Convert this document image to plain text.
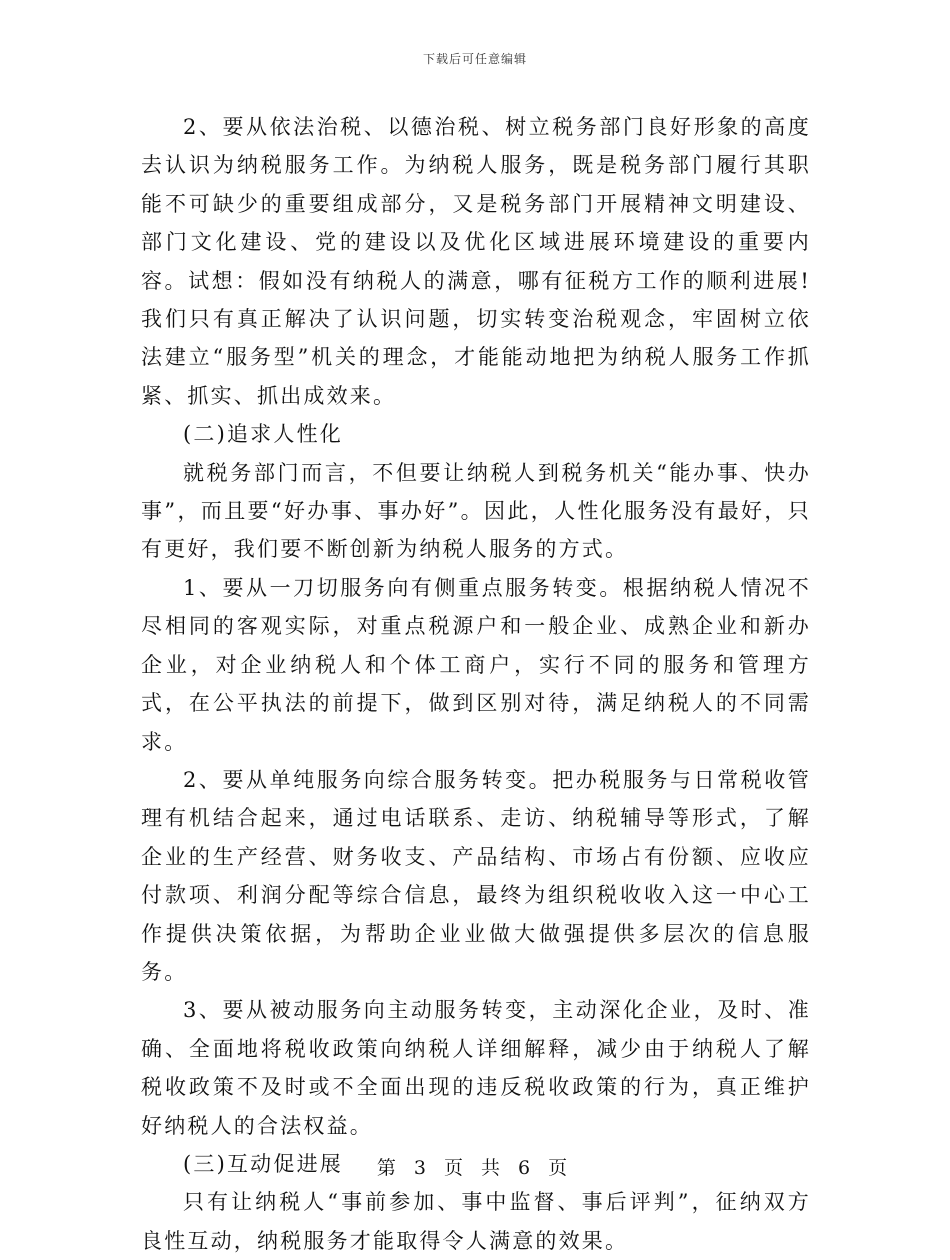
下载后可任意编辑

2、要从依法治税、以德治税、树立税务部门良好形象的高度去认识为纳税服务工作。为纳税人服务，既是税务部门履行其职能不可缺少的重要组成部分，又是税务部门开展精神文明建设、部门文化建设、党的建设以及优化区域进展环境建设的重要内容。试想：假如没有纳税人的满意，哪有征税方工作的顺利进展!我们只有真正解决了认识问题，切实转变治税观念，牢固树立依法建立“服务型”机关的理念，才能能动地把为纳税人服务工作抓紧、抓实、抓出成效来。

(二)追求人性化

就税务部门而言，不但要让纳税人到税务机关“能办事、快办事”，而且要“好办事、事办好”。因此，人性化服务没有最好，只有更好，我们要不断创新为纳税人服务的方式。

1、要从一刀切服务向有侧重点服务转变。根据纳税人情况不尽相同的客观实际，对重点税源户和一般企业、成熟企业和新办企业，对企业纳税人和个体工商户，实行不同的服务和管理方式，在公平执法的前提下，做到区别对待，满足纳税人的不同需求。

2、要从单纯服务向综合服务转变。把办税服务与日常税收管理有机结合起来，通过电话联系、走访、纳税辅导等形式，了解企业的生产经营、财务收支、产品结构、市场占有份额、应收应付款项、利润分配等综合信息，最终为组织税收收入这一中心工作提供决策依据，为帮助企业业做大做强提供多层次的信息服务。

3、要从被动服务向主动服务转变，主动深化企业，及时、准确、全面地将税收政策向纳税人详细解释，减少由于纳税人了解税收政策不及时或不全面出现的违反税收政策的行为，真正维护好纳税人的合法权益。

(三)互动促进展

只有让纳税人“事前参加、事中监督、事后评判”，征纳双方良性互动，纳税服务才能取得令人满意的效果。

第 3 页 共 6 页
